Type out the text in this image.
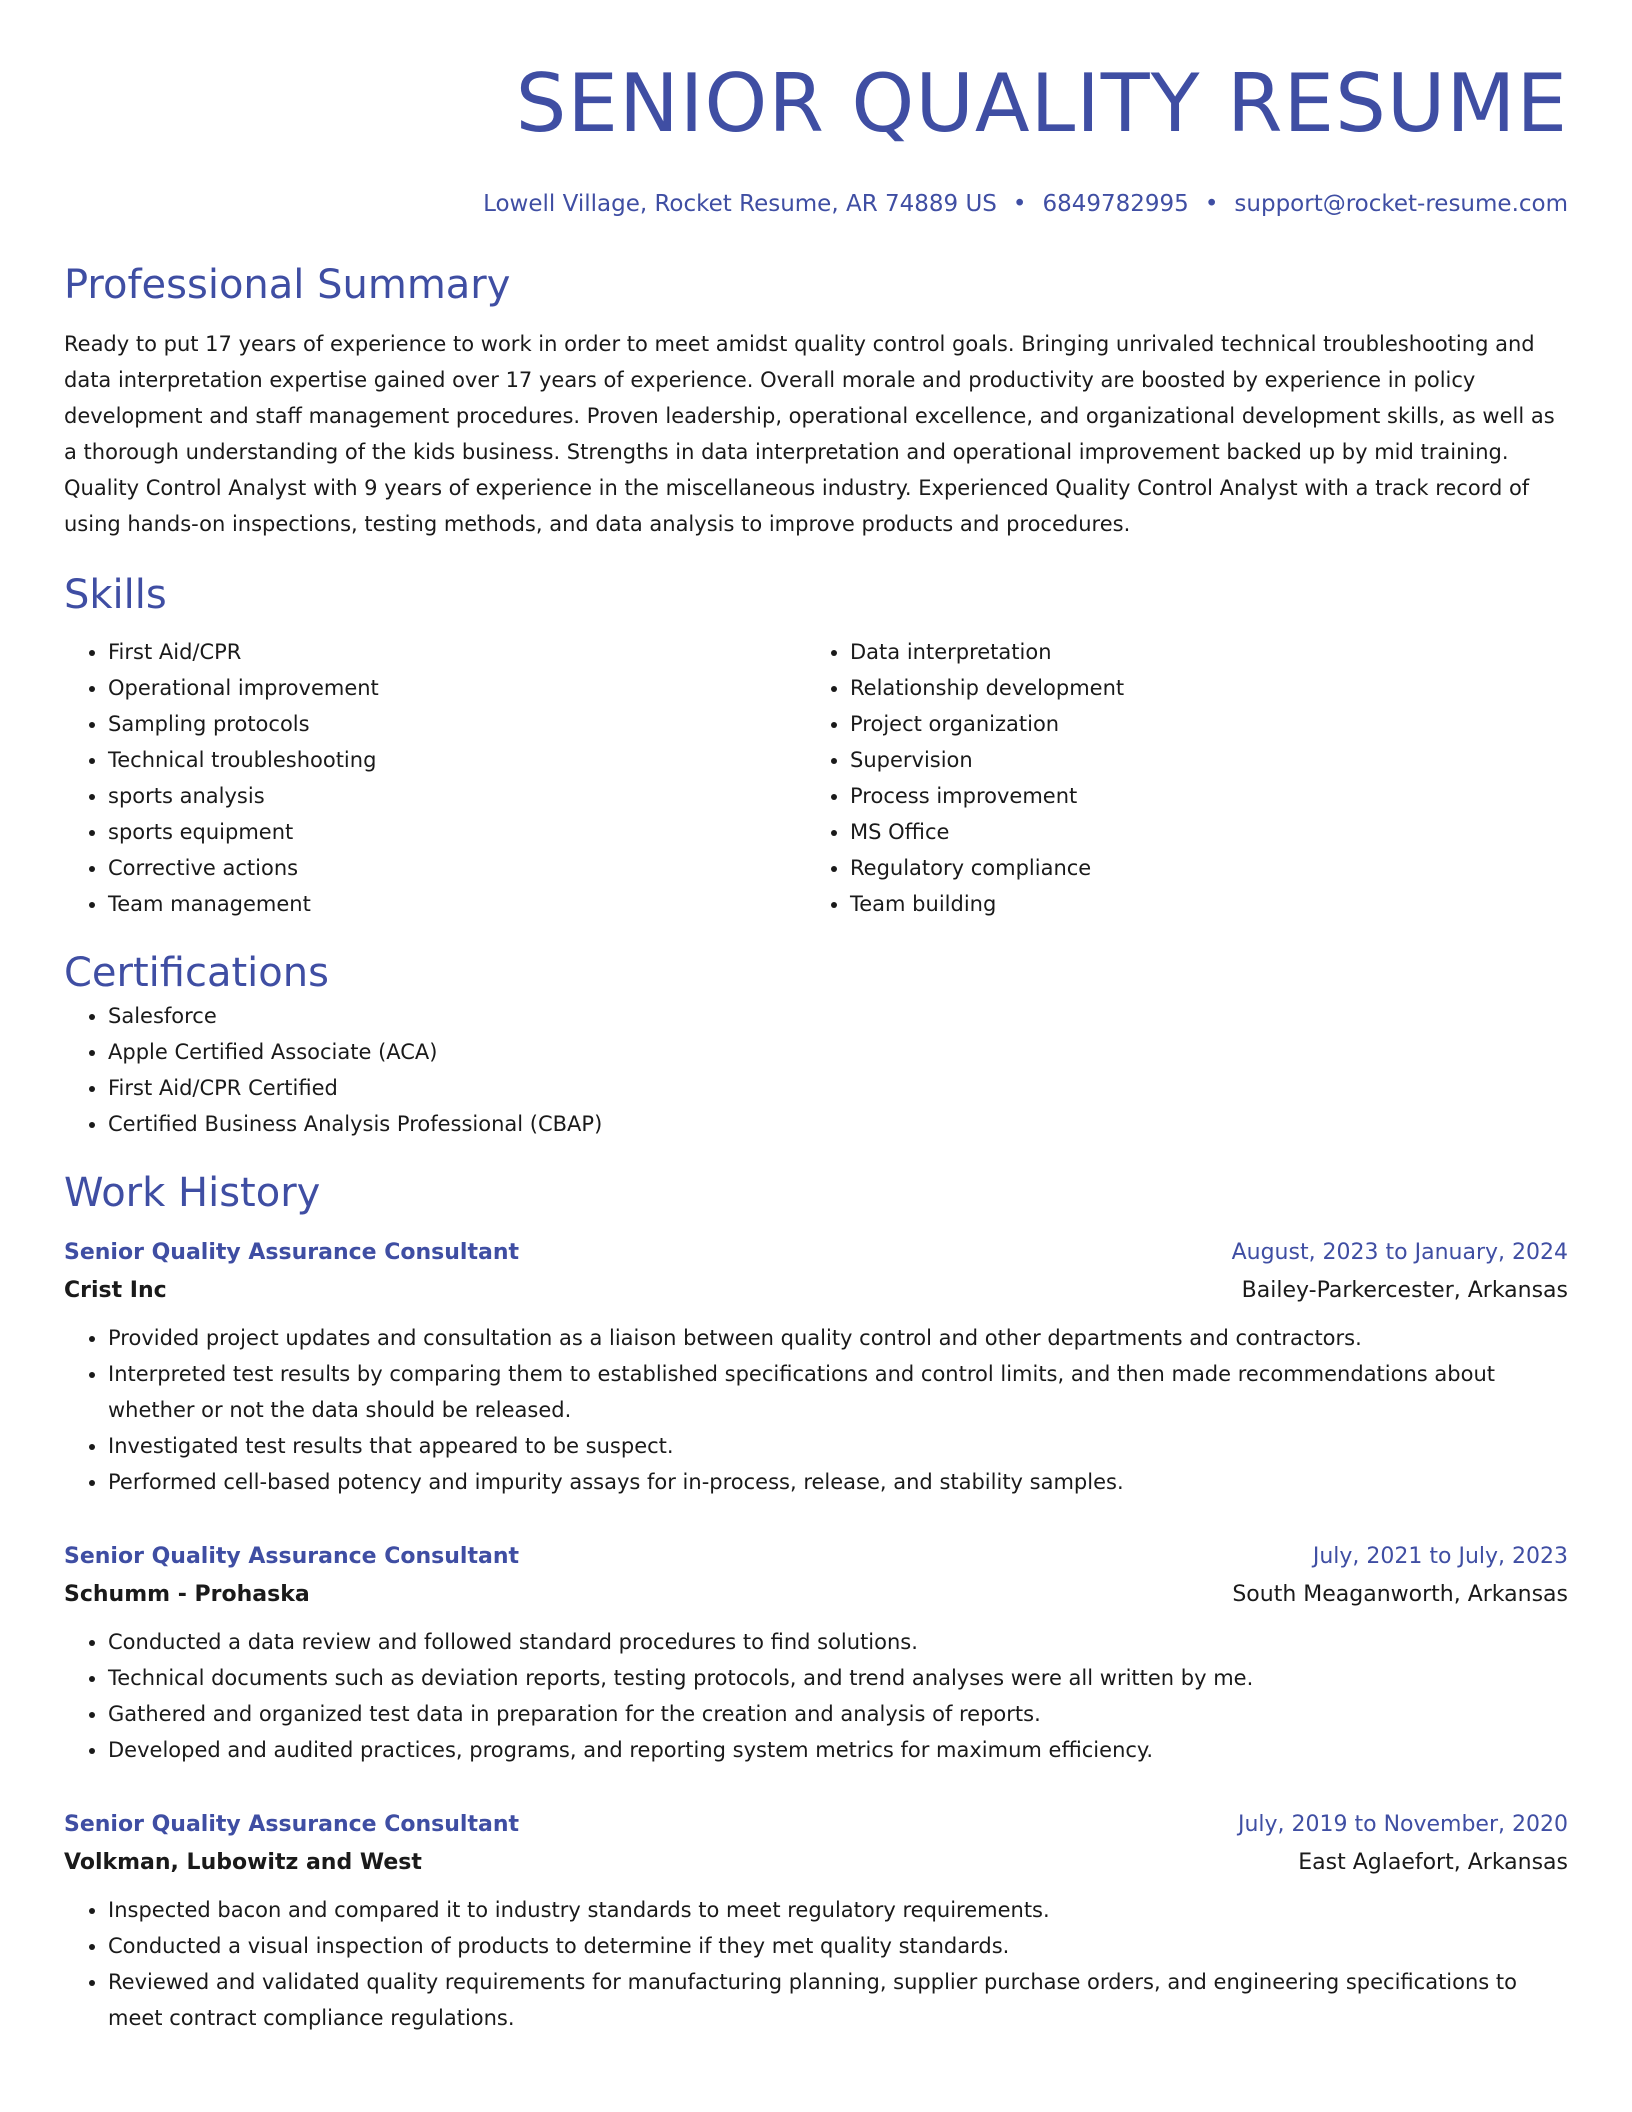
SENIOR QUALITY RESUME
Lowell Village, Rocket Resume, AR 74889 US • 6849782995 • support@rocket-resume.com
Professional Summary

Ready to put 17 years of experience to work in order to meet amidst quality control goals. Bringing unrivaled technical troubleshooting and data interpretation expertise gained over 17 years of experience. Overall morale and productivity are boosted by experience in policy development and staff management procedures. Proven leadership, operational excellence, and organizational development skills, as well as a thorough understanding of the kids business. Strengths in data interpretation and operational improvement backed up by mid training. Quality Control Analyst with 9 years of experience in the miscellaneous industry. Experienced Quality Control Analyst with a track record of using hands-on inspections, testing methods, and data analysis to improve products and procedures.

Skills
• First Aid/CPR
• Operational improvement
• Sampling protocols
• Technical troubleshooting
• sports analysis
• sports equipment
• Corrective actions
• Team management
• Data interpretation
• Relationship development
• Project organization
• Supervision
• Process improvement
• MS Office
• Regulatory compliance
• Team building
Certifications
• Salesforce
• Apple Certified Associate (ACA)
• First Aid/CPR Certified
• Certified Business Analysis Professional (CBAP)
Work History
Senior Quality Assurance Consultant	August, 2023 to January, 2024
Crist Inc	Bailey-Parkercester, Arkansas
• Provided project updates and consultation as a liaison between quality control and other departments and contractors.
• Interpreted test results by comparing them to established specifications and control limits, and then made recommendations about whether or not the data should be released.
• Investigated test results that appeared to be suspect.
• Performed cell-based potency and impurity assays for in-process, release, and stability samples.
Senior Quality Assurance Consultant	July, 2021 to July, 2023
Schumm - Prohaska	South Meaganworth, Arkansas
• Conducted a data review and followed standard procedures to find solutions.
• Technical documents such as deviation reports, testing protocols, and trend analyses were all written by me.
• Gathered and organized test data in preparation for the creation and analysis of reports.
• Developed and audited practices, programs, and reporting system metrics for maximum efficiency.
Senior Quality Assurance Consultant	July, 2019 to November, 2020
Volkman, Lubowitz and West	East Aglaefort, Arkansas
• Inspected bacon and compared it to industry standards to meet regulatory requirements.
• Conducted a visual inspection of products to determine if they met quality standards.
• Reviewed and validated quality requirements for manufacturing planning, supplier purchase orders, and engineering specifications to meet contract compliance regulations.
